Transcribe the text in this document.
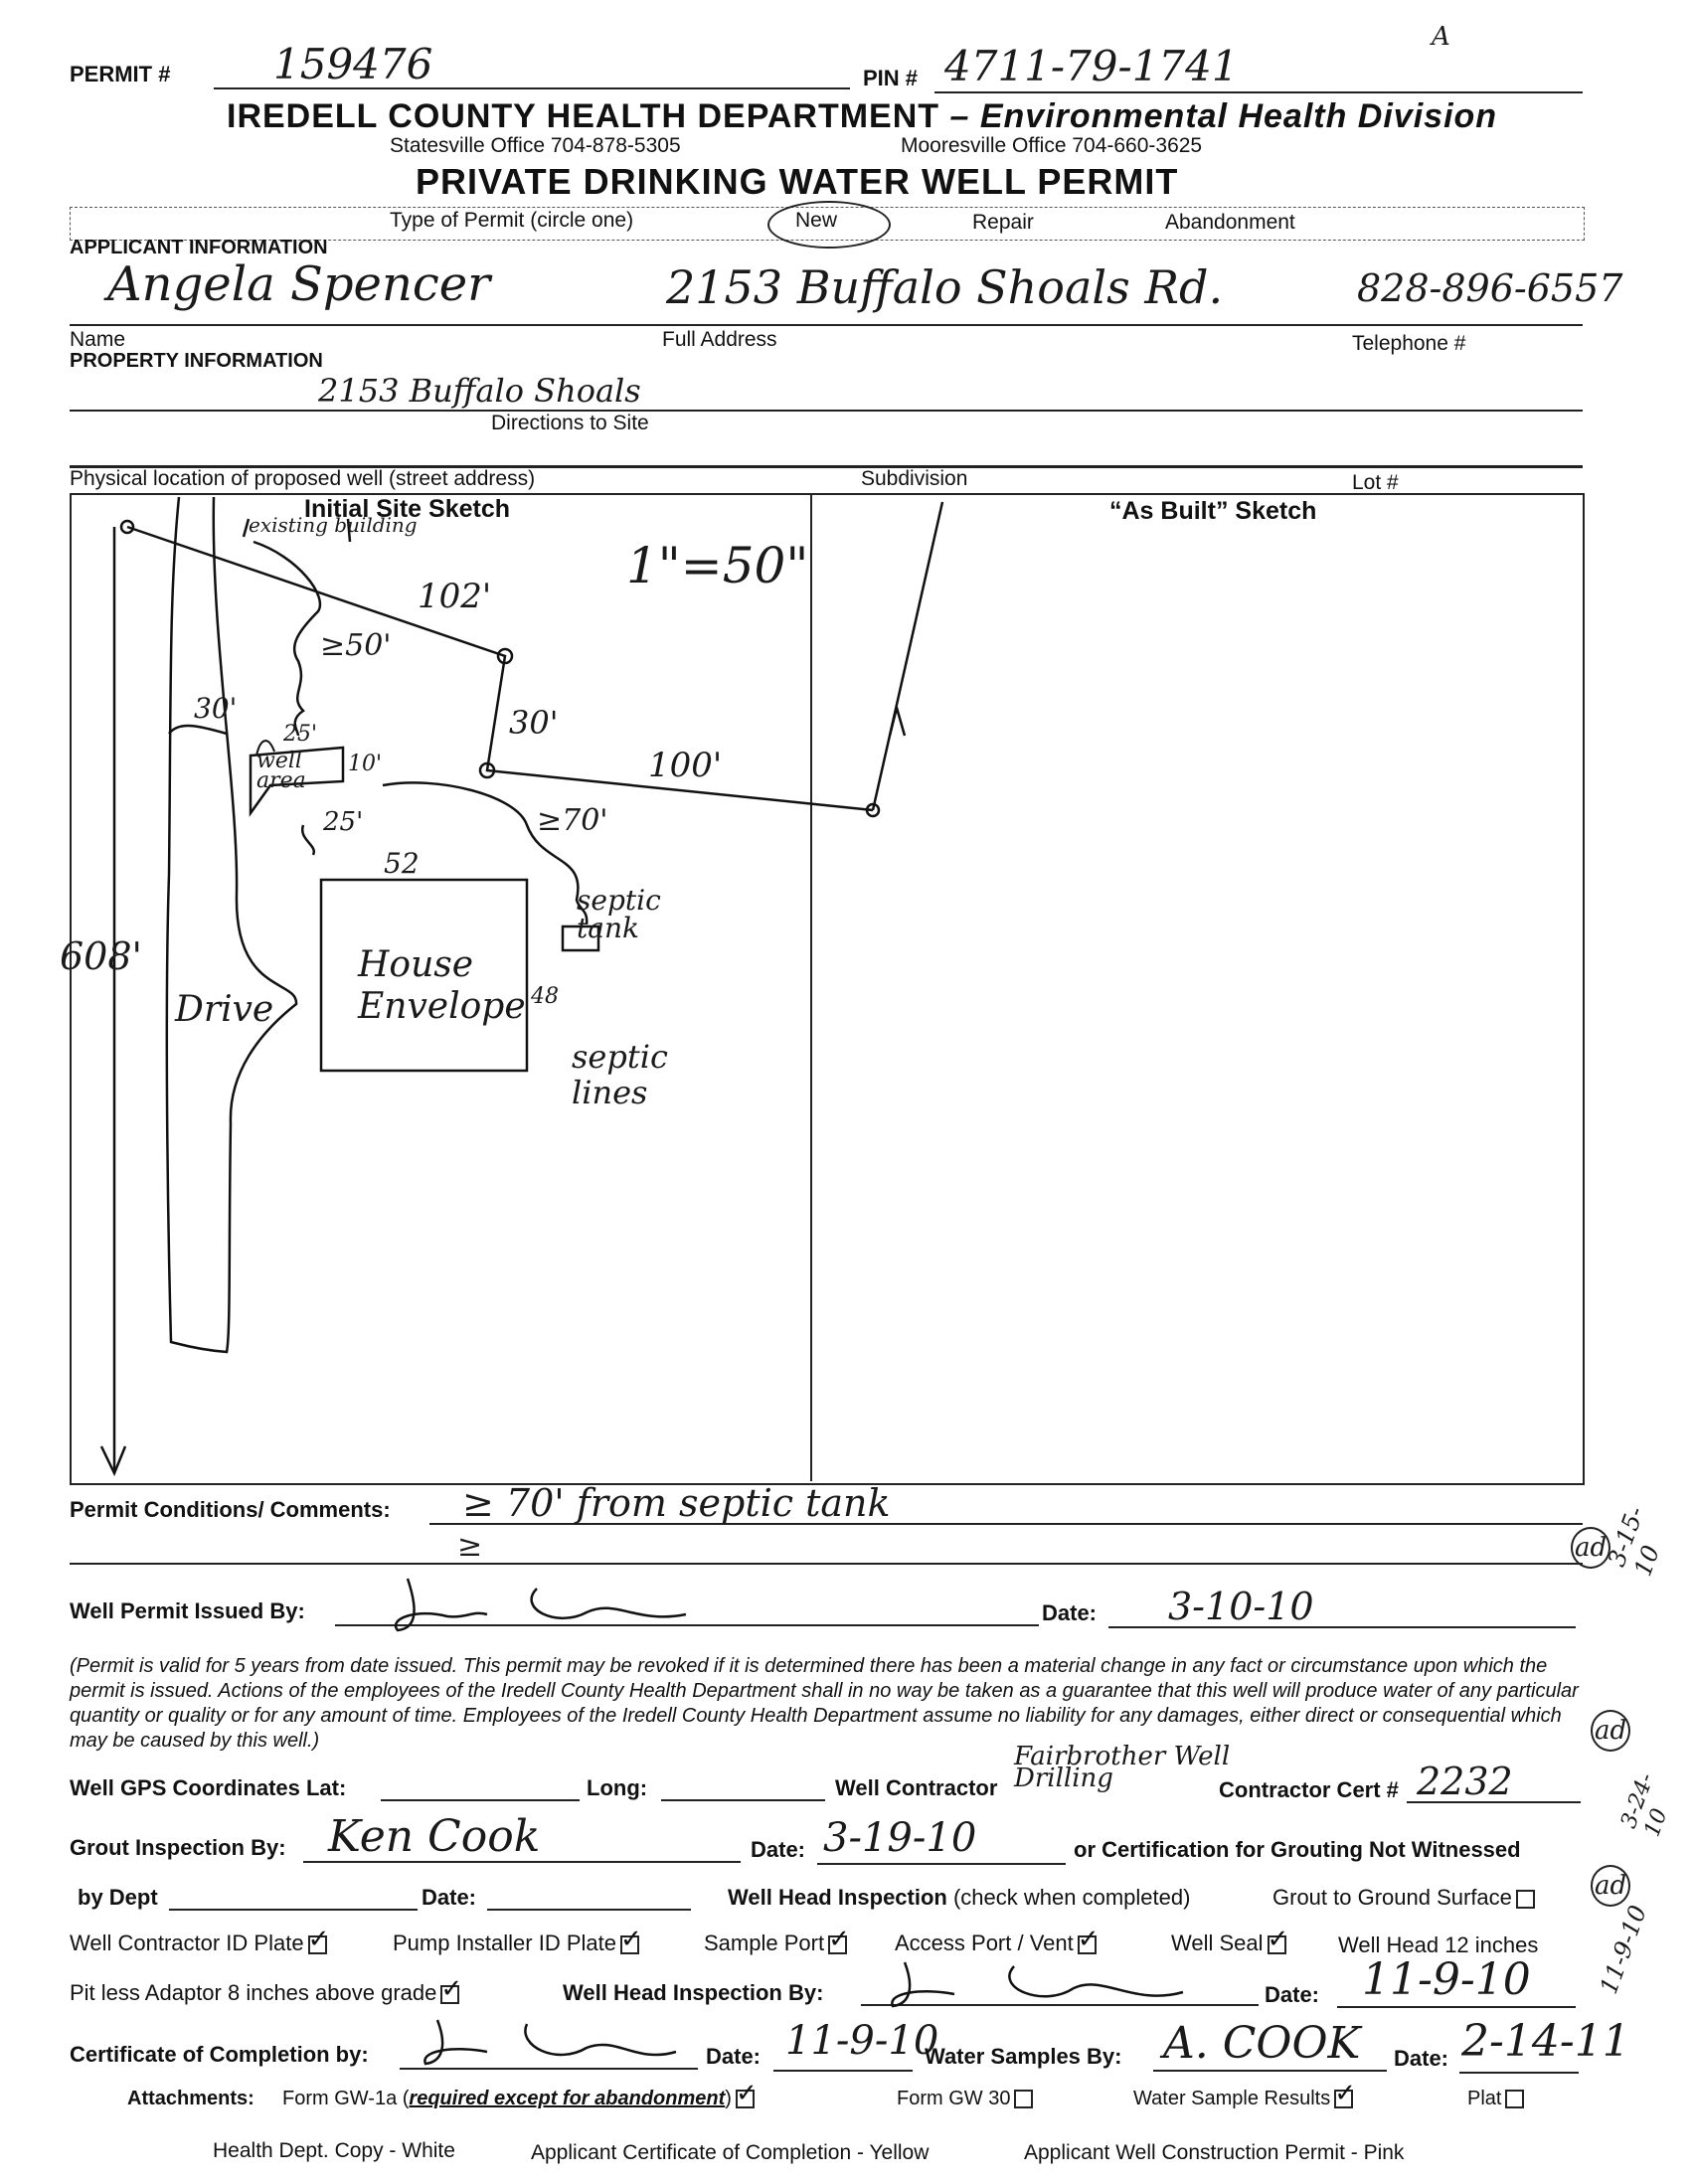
PERMIT # 159476	PIN # 4711-79-1741
A
IREDELL COUNTY HEALTH DEPARTMENT – Environmental Health Division
Statesville Office 704-878-5305	Mooresville Office 704-660-3625
PRIVATE DRINKING WATER WELL PERMIT
Type of Permit (circle one)	New	Repair	Abandonment
APPLICANT INFORMATION
Angela Spencer	2153 Buffalo Shoals Rd.	828-896-6557
Name	Full Address	Telephone #
PROPERTY INFORMATION
2153 Buffalo Shoals
Directions to Site
Physical location of proposed well (street address)	Subdivision	Lot #
Initial Site Sketch	“As Built” Sketch
existing building
1"=50"
102'
≥50'
30'	30'
100'
25'
10'
well area
25'	≥70'
52
septic tank
608'	House Envelope 48
Drive
septic lines
Permit Conditions/ Comments: ≥ 70' from septic tank
≥
Well Permit Issued By:	Date: 3-10-10
ad
3-15-10
(Permit is valid for 5 years from date issued. This permit may be revoked if it is determined there has been a material change in any fact or circumstance upon which the permit is issued. Actions of the employees of the Iredell County Health Department shall in no way be taken as a guarantee that this well will produce water of any particular quantity or quality or for any amount of time. Employees of the Iredell County Health Department assume no liability for any damages, either direct or consequential which may be caused by this well.)
Well GPS Coordinates Lat:	Long:	Well Contractor
Fairbrother Well Drilling	Contractor Cert # 2232
ad
3-24-10
Grout Inspection By: Ken Cook	Date: 3-19-10	or Certification for Grouting Not Witnessed
by Dept	Date:	Well Head Inspection (check when completed)	Grout to Ground Surface	ad
11-9-10
Well Contractor ID Plate ✓	Pump Installer ID Plate ✓	Sample Port ✓	Access Port / Vent ✓	Well Seal ✓	Well Head 12 inches
Pit less Adaptor 8 inches above grade ✓	Well Head Inspection By:	Date: 11-9-10
Certificate of Completion by:	Date: 11-9-10
Water Samples By: A. COOK Date: 2-14-11
Attachments: Form GW-1a (required except for abandonment) ✓	Form GW 30	Water Sample Results ✓	Plat
Health Dept. Copy - White	Applicant Certificate of Completion - Yellow	Applicant Well Construction Permit - Pink
